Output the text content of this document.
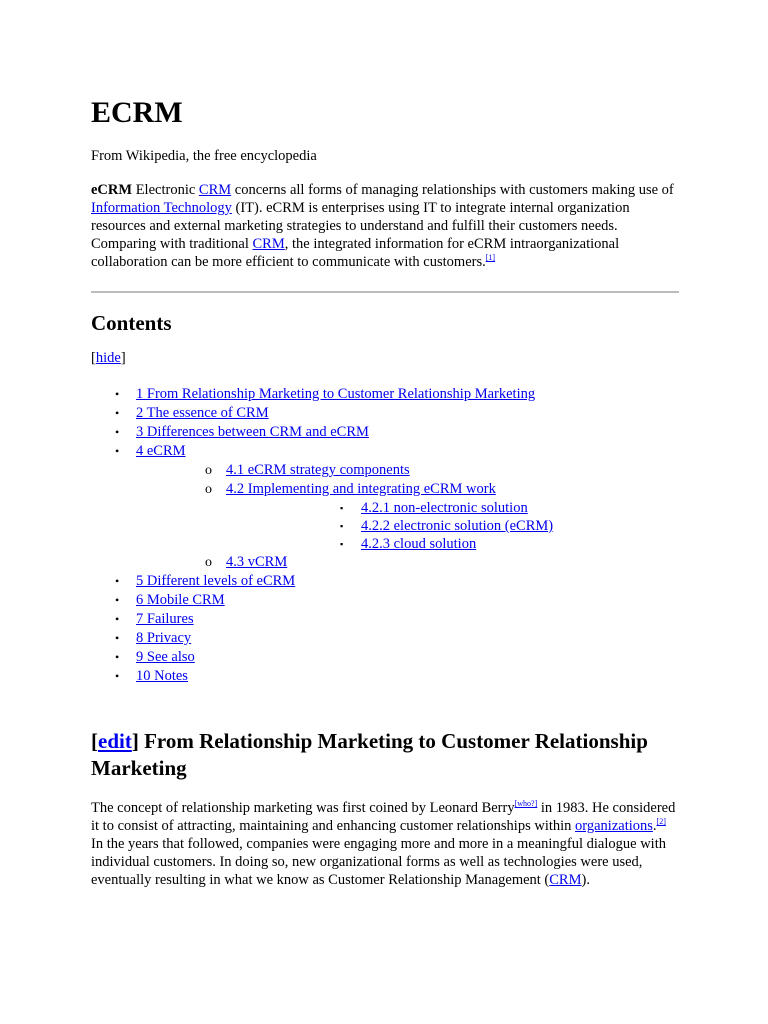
ECRM
From Wikipedia, the free encyclopedia

eCRM Electronic CRM concerns all forms of managing relationships with customers making use of Information Technology (IT). eCRM is enterprises using IT to integrate internal organization resources and external marketing strategies to understand and fulfill their customers needs. Comparing with traditional CRM, the integrated information for eCRM intraorganizational collaboration can be more efficient to communicate with customers.[1]

Contents
[hide]
• 1 From Relationship Marketing to Customer Relationship Marketing
• 2 The essence of CRM
• 3 Differences between CRM and eCRM
• 4 eCRM
o 4.1 eCRM strategy components
o 4.2 Implementing and integrating eCRM work
▪ 4.2.1 non-electronic solution
▪ 4.2.2 electronic solution (eCRM)
▪ 4.2.3 cloud solution
o 4.3 vCRM
• 5 Different levels of eCRM
• 6 Mobile CRM
• 7 Failures
• 8 Privacy
• 9 See also
• 10 Notes
[edit] From Relationship Marketing to Customer Relationship Marketing

The concept of relationship marketing was first coined by Leonard Berry[who?] in 1983. He considered it to consist of attracting, maintaining and enhancing customer relationships within organizations.[2] In the years that followed, companies were engaging more and more in a meaningful dialogue with individual customers. In doing so, new organizational forms as well as technologies were used, eventually resulting in what we know as Customer Relationship Management (CRM).
